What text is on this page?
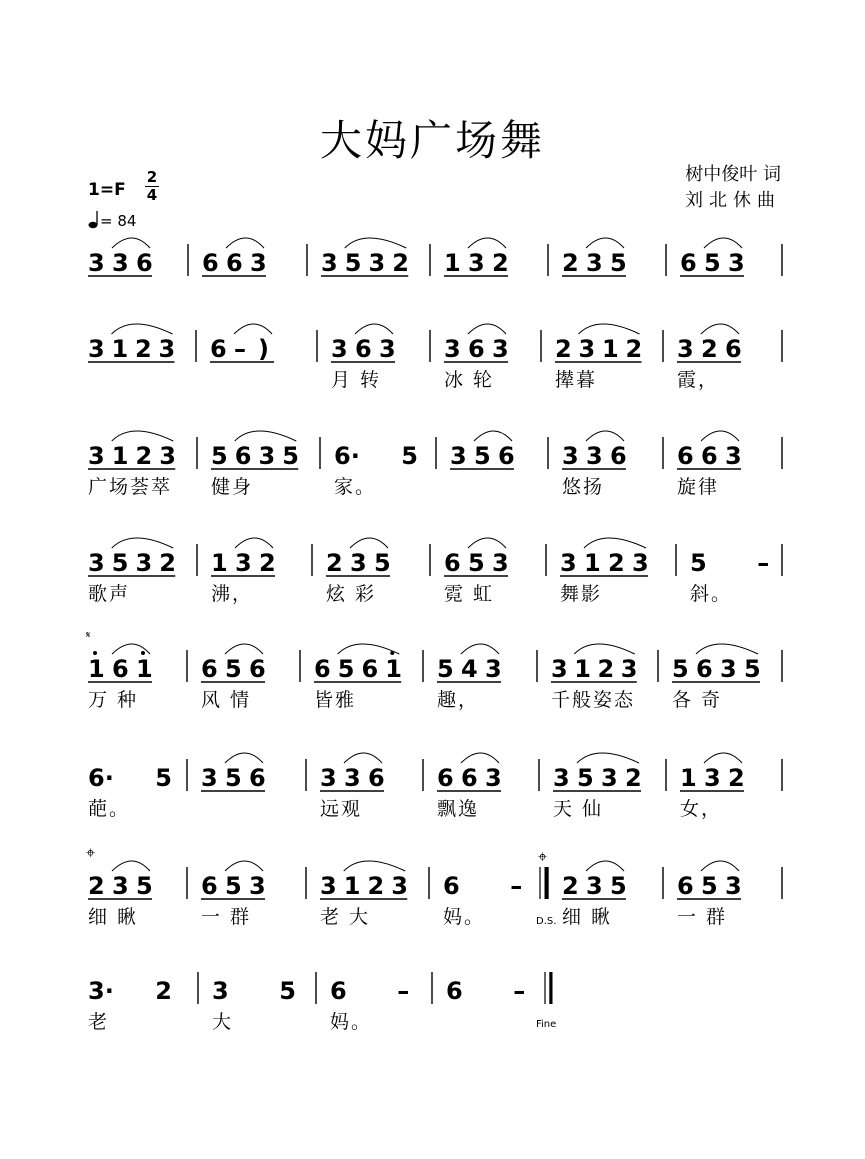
大妈广场舞
树中俊叶 词
刘北休曲
1=F
2
4
= 84
3 3 6 6 6 3 3 5 3 2 1 3 2 2 3 5 6 5 3
3 1 2 3 6 – )	3 6 3
月 转
3 6 3
冰 轮
2 3 1 2
撵暮
3 2 6
霞，
3 1 2 3
广场荟萃
5 6 3 5
健身
6· 5
家。
3 5 6 3 3 6
悠扬
6 6 3
旋律
3 5 3 2
歌声
1 3 2
沸，
2 3 5
炫 彩
6 5 3
霓 虹
3 1 2 3
舞影
5 –
斜。
1 6 1
万 种
6 5 6
风 情
6 5 6 1
皆雅
5 4 3
趣，
3 1 2 3
千般姿态
5 6 3 5
各 奇
6· 5
葩。
3 5 6 3 3 6
远观
6 6 3
飘逸
3 5 3 2
天 仙
1 3 2
女，
2 3 5
细 瞅
6 5 3
一 群
3 1 2 3
老 大
6 –
妈。
2 3 5
细 瞅
6 5 3
一 群
3· 2
老
3 5
大
6 –
妈。
6 –
𝄋
⌖	⌖
D.S.
Fine
